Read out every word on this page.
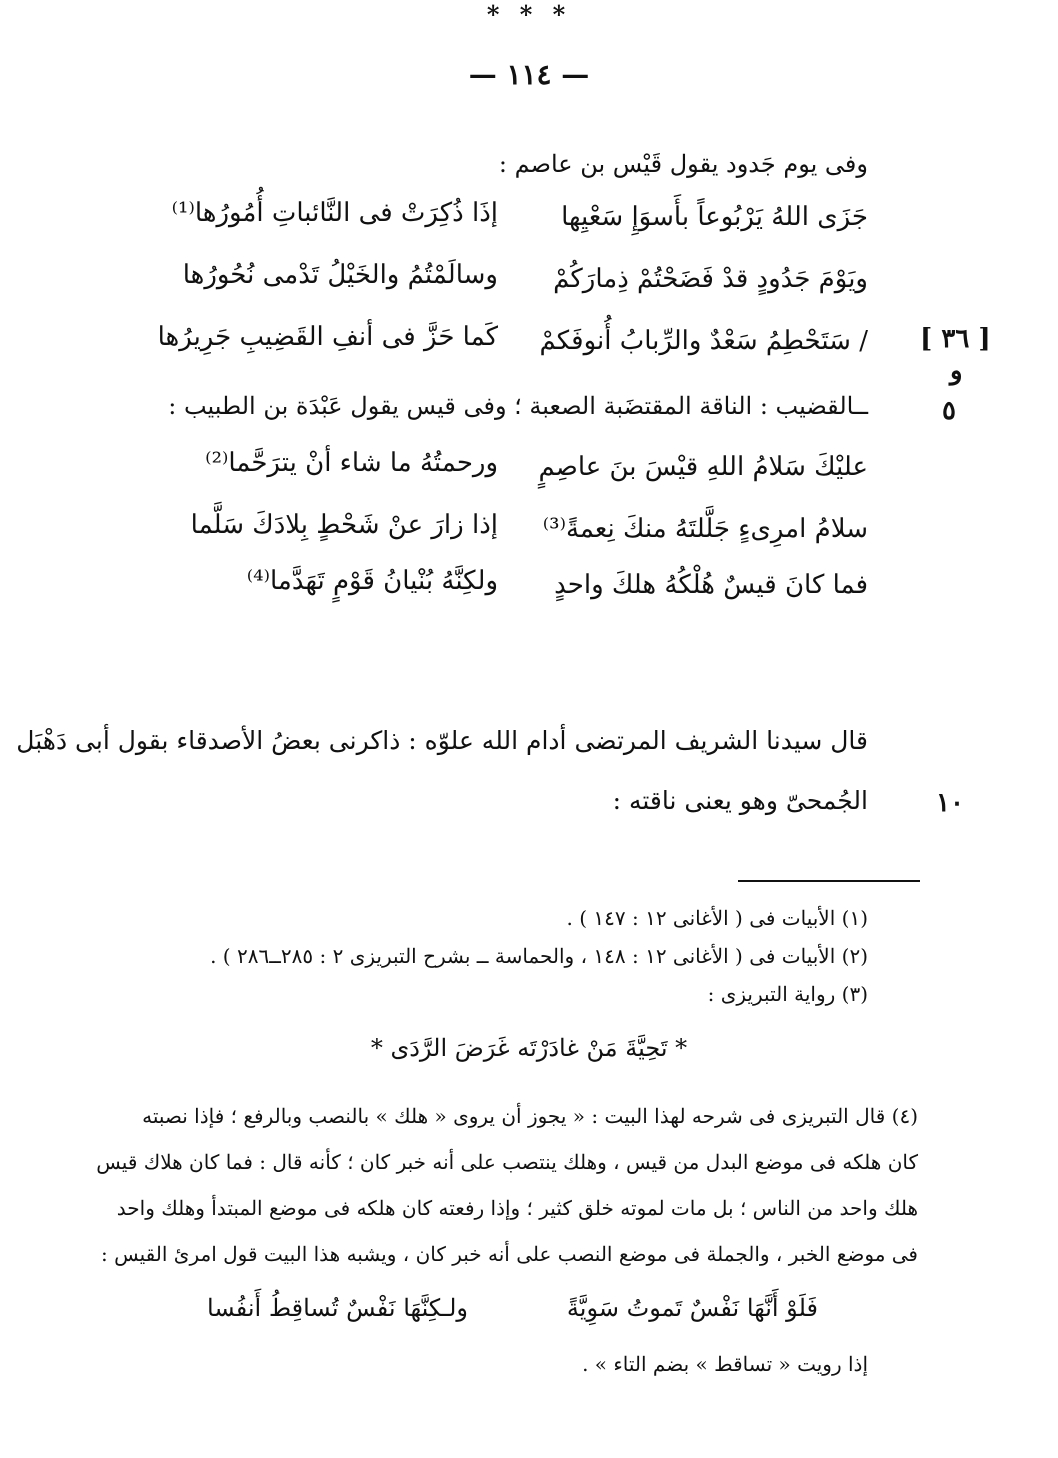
— ١١٤ —
وفى يوم جَدود يقول قَيْس بن عاصم :
جَزَى اللهُ يَرْبُوعاً بأَسوَإِ سَعْيِها
إذَا ذُكِرَتْ فى النَّائباتِ أُمُورُها⁽¹⁾
ويَوْمَ جَدُودٍ قدْ فَضَحْتُمْ ذِمارَكُمْ
وسالَمْتُمُ والخَيْلُ تَدْمى نُحُورُها
/ سَتَحْطِمُ سَعْدٌ والرِّبابُ أُنوفَكمْ
كَما حَزَّ فى أنفِ القَضِيبِ جَرِيرُها	[ ٣٦ ]
و
٥
ــالقضيب : الناقة المقتضَبة الصعبة ؛ وفى قيس يقول عَبْدَة بن الطبيب :
عليْكَ سَلامُ اللهِ قيْسَ بنَ عاصِمٍ
ورحمتُهُ ما شاء أنْ يترَحَّما⁽²⁾
سلامُ امرِىءٍ جَلَّلتَهُ منكَ نِعمةً⁽³⁾
إذا زارَ عنْ شَحْطٍ بِلادَكَ سَلَّما
فما كانَ قيسٌ هُلْكُهُ هلكَ واحدٍ
ولكِنَّهُ بُنْيانُ قَوْمٍ تَهَدَّما⁽⁴⁾
* * *
قال سيدنا الشريف المرتضى أدام الله علوّه : ذاكرنى بعضُ الأصدقاء بقول أبى دَهْبَل
الجُمحىّ وهو يعنى ناقته :	١٠
(١) الأبيات فى ( الأغانى ١٢ : ١٤٧ ) .
(٢) الأبيات فى ( الأغانى ١٢ : ١٤٨ ، والحماسة ــ بشرح التبريزى ٢ : ٢٨٥ــ٢٨٦ ) .
(٣) رواية التبريزى :
* تَحِيَّةَ مَنْ غادَرْتَه غَرَضَ الرَّدَى *
(٤) قال التبريزى فى شرحه لهذا البيت : « يجوز أن يروى « هلك » بالنصب وبالرفع ؛ فإذا نصبته
كان هلكه فى موضع البدل من قيس ، وهلك ينتصب على أنه خبر كان ؛ كأنه قال : فما كان هلاك قيس
هلك واحد من الناس ؛ بل مات لموته خلق كثير ؛ وإذا رفعته كان هلكه فى موضع المبتدأ وهلك واحد
فى موضع الخبر ، والجملة فى موضع النصب على أنه خبر كان ، ويشبه هذا البيت قول امرئ القيس :
فَلَوْ أَنَّهَا نَفْسٌ تَموتُ سَوِيَّةً
ولـكِنَّهَا نَفْسٌ تُساقِطُ أَنفُسا
إذا رويت « تساقط » بضم التاء » .
